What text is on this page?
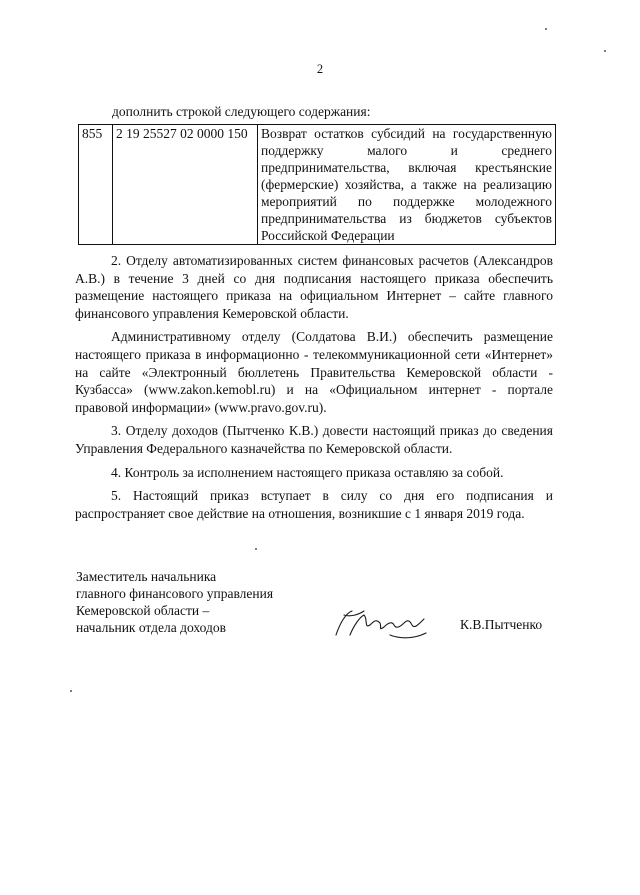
2
дополнить строкой следующего содержания:
855	2 19 25527 02 0000 150	Возврат остатков субсидий на государственную поддержку малого и среднего предпринимательства, включая крестьянские (фермерские) хозяйства, а также на реализацию мероприятий по поддержке молодежного предпринимательства из бюджетов субъектов Российской Федерации

2. Отделу автоматизированных систем финансовых расчетов (Александров А.В.) в течение 3 дней со дня подписания настоящего приказа обеспечить размещение настоящего приказа на официальном Интернет – сайте главного финансового управления Кемеровской области.

Административному отделу (Солдатова В.И.) обеспечить размещение настоящего приказа в информационно - телекоммуникационной сети «Интернет» на сайте «Электронный бюллетень Правительства Кемеровской области - Кузбасса» (www.zakon.kemobl.ru) и на «Официальном интернет - портале правовой информации» (www.pravo.gov.ru).

3. Отделу доходов (Пытченко К.В.) довести настоящий приказ до сведения Управления Федерального казначейства по Кемеровской области.

4. Контроль за исполнением настоящего приказа оставляю за собой.

5. Настоящий приказ вступает в силу со дня его подписания и распространяет свое действие на отношения, возникшие с 1 января 2019 года.

Заместитель начальника
главного финансового управления
Кемеровской области –
начальник отдела доходов	К.В.Пытченко
